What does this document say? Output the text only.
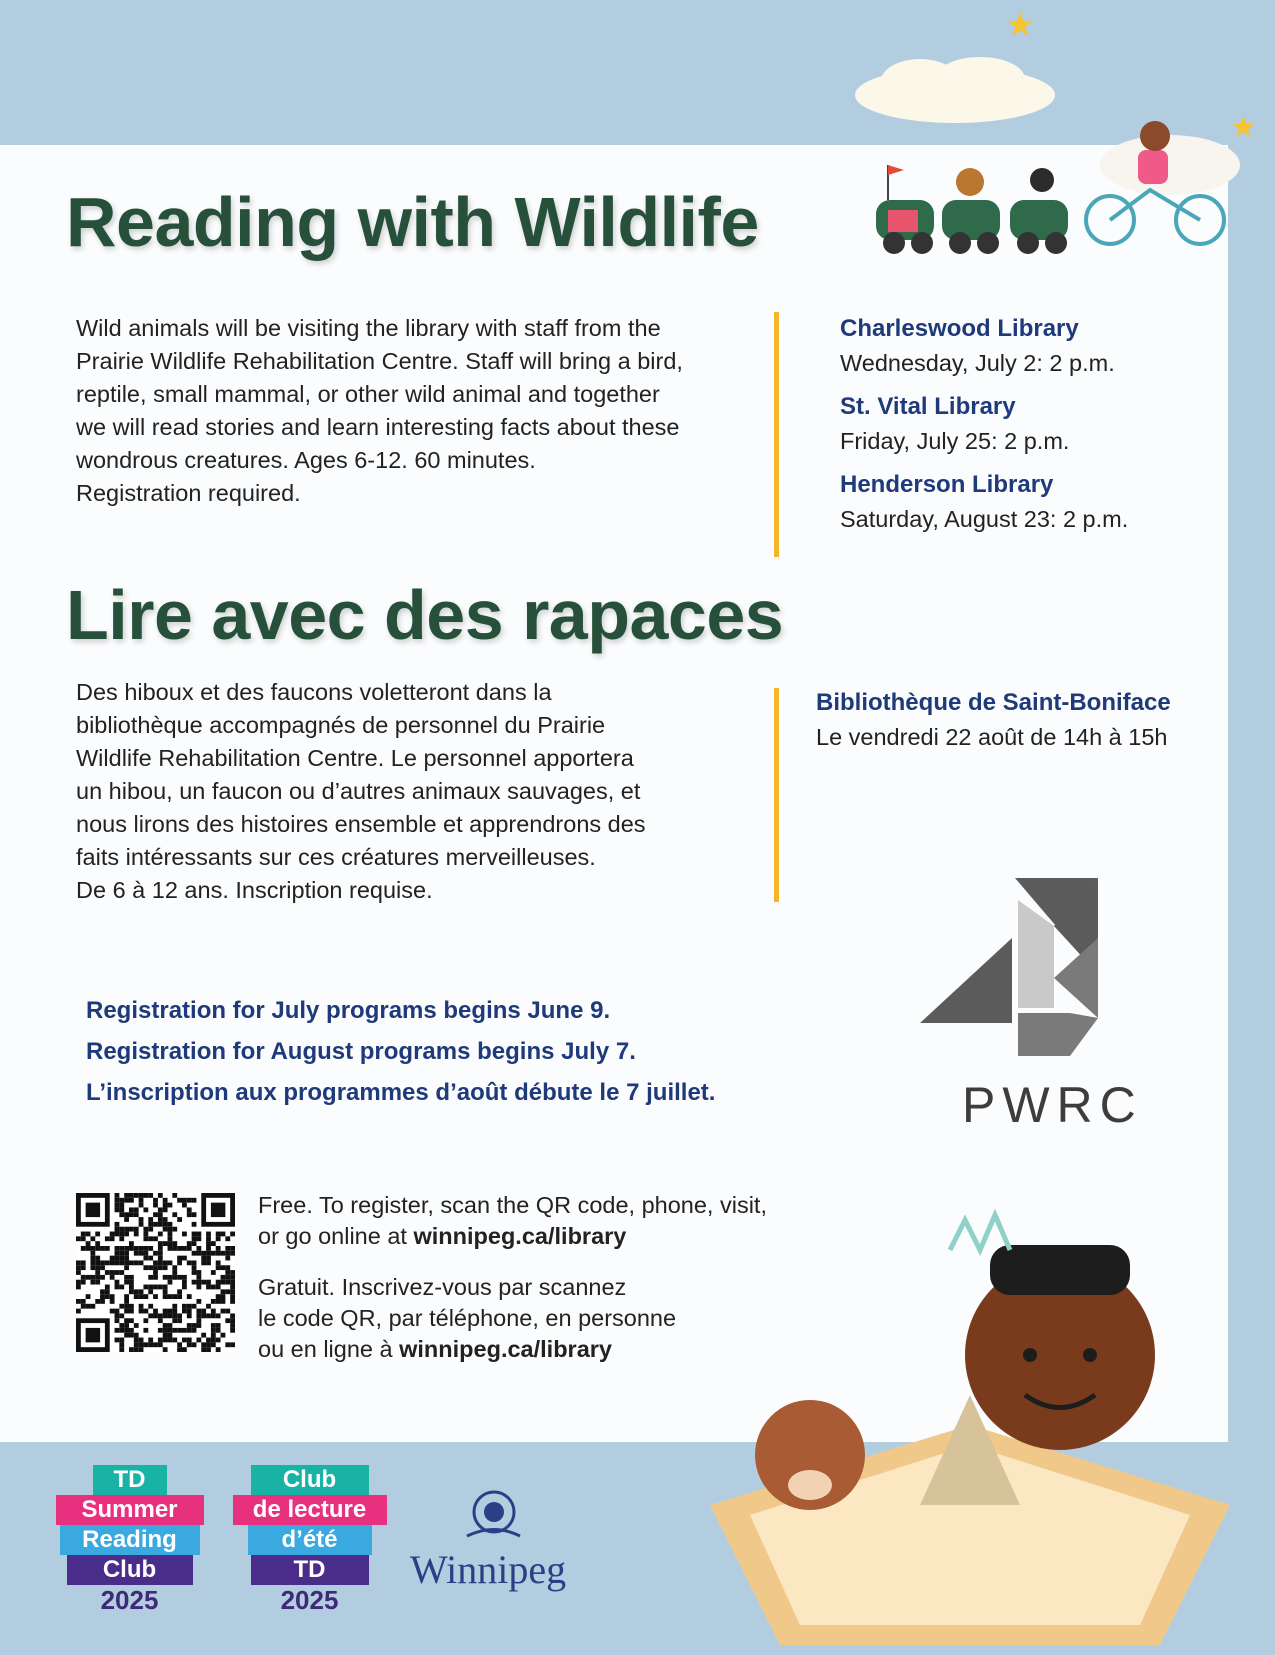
★
★
Reading with Wildlife
Wild animals will be visiting the library with staff from the
Prairie Wildlife Rehabilitation Centre. Staff will bring a bird,
reptile, small mammal, or other wild animal and together
we will read stories and learn interesting facts about these
wondrous creatures. Ages 6-12. 60 minutes.
Registration required.
Charleswood Library
Wednesday, July 2: 2 p.m.
St. Vital Library
Friday, July 25: 2 p.m.
Henderson Library
Saturday, August 23: 2 p.m.
Lire avec des rapaces
Des hiboux et des faucons voletteront dans la
bibliothèque accompagnés de personnel du Prairie
Wildlife Rehabilitation Centre. Le personnel apportera
un hibou, un faucon ou d’autres animaux sauvages, et
nous lirons des histoires ensemble et apprendrons des
faits intéressants sur ces créatures merveilleuses.
De 6 à 12 ans. Inscription requise.
Bibliothèque de Saint-Boniface
Le vendredi 22 août de 14h à 15h
PWRC
Registration for July programs begins June 9.
Registration for August programs begins July 7.
L’inscription aux programmes d’août débute le 7 juillet.
Free. To register, scan the QR code, phone, visit,
or go online at winnipeg.ca/library
Gratuit. Inscrivez-vous par scannez
le code QR, par téléphone, en personne
ou en ligne à winnipeg.ca/library
TD
Summer
Reading
Club
2025
Club
de lecture
d’été
TD
2025
Winnipeg
